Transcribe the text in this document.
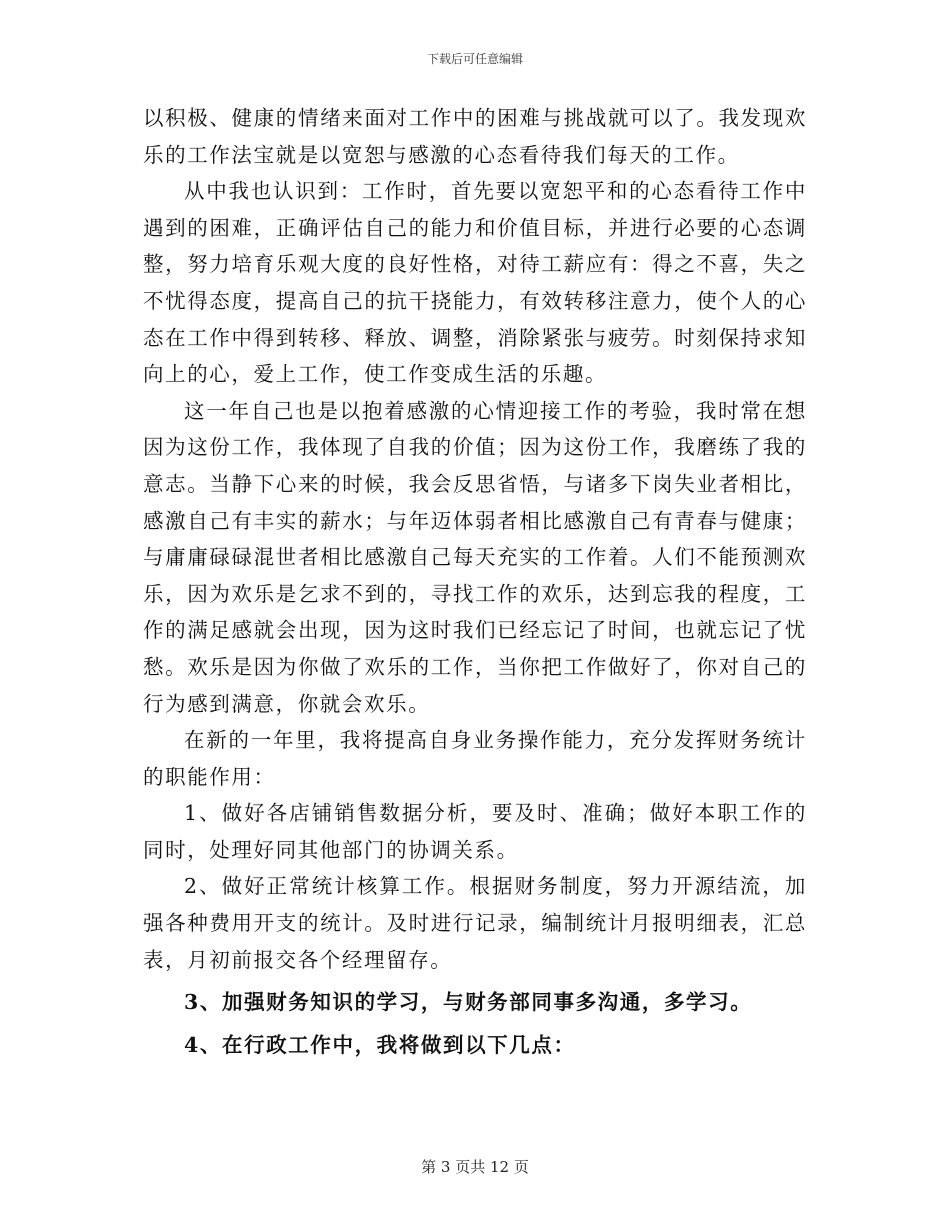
下载后可任意编辑

以积极、健康的情绪来面对工作中的困难与挑战就可以了。我发现欢乐的工作法宝就是以宽恕与感激的心态看待我们每天的工作。

从中我也认识到：工作时，首先要以宽恕平和的心态看待工作中遇到的困难，正确评估自己的能力和价值目标，并进行必要的心态调整，努力培育乐观大度的良好性格，对待工薪应有：得之不喜，失之不忧得态度，提高自己的抗干挠能力，有效转移注意力，使个人的心态在工作中得到转移、释放、调整，消除紧张与疲劳。时刻保持求知向上的心，爱上工作，使工作变成生活的乐趣。

这一年自己也是以抱着感激的心情迎接工作的考验，我时常在想因为这份工作，我体现了自我的价值；因为这份工作，我磨练了我的意志。当静下心来的时候，我会反思省悟，与诸多下岗失业者相比，感激自己有丰实的薪水；与年迈体弱者相比感激自己有青春与健康；与庸庸碌碌混世者相比感激自己每天充实的工作着。人们不能预测欢乐，因为欢乐是乞求不到的，寻找工作的欢乐，达到忘我的程度，工作的满足感就会出现，因为这时我们已经忘记了时间，也就忘记了忧愁。欢乐是因为你做了欢乐的工作，当你把工作做好了，你对自己的行为感到满意，你就会欢乐。

在新的一年里，我将提高自身业务操作能力，充分发挥财务统计的职能作用：

1、做好各店铺销售数据分析，要及时、准确；做好本职工作的同时，处理好同其他部门的协调关系。

2、做好正常统计核算工作。根据财务制度，努力开源结流，加强各种费用开支的统计。及时进行记录，编制统计月报明细表，汇总表，月初前报交各个经理留存。

3、加强财务知识的学习，与财务部同事多沟通，多学习。

4、在行政工作中，我将做到以下几点：

第 3 页共 12 页
